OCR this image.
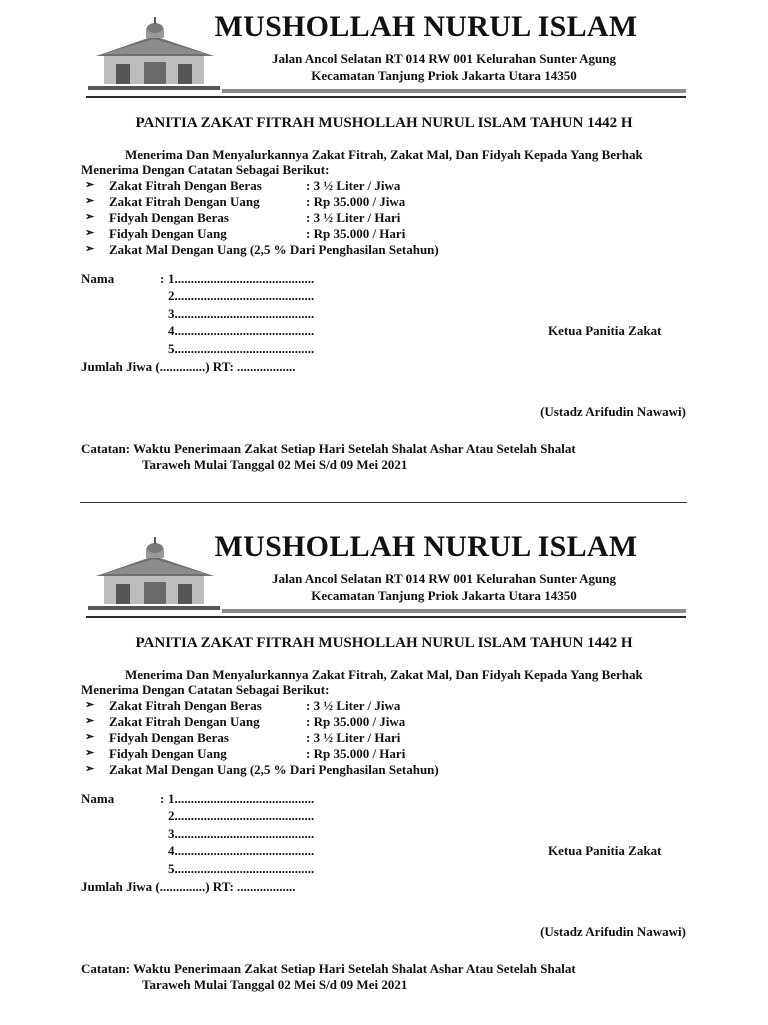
MUSHOLLAH NURUL ISLAM
Jalan Ancol Selatan RT 014 RW 001 Kelurahan Sunter Agung
Kecamatan Tanjung Priok Jakarta Utara 14350
PANITIA ZAKAT FITRAH MUSHOLLAH NURUL ISLAM TAHUN 1442 H
Menerima Dan Menyalurkannya Zakat Fitrah, Zakat Mal, Dan Fidyah Kepada Yang Berhak
Menerima Dengan Catatan Sebagai Berikut:
➢ Zakat Fitrah Dengan Beras	: 3 ½ Liter / Jiwa
➢ Zakat Fitrah Dengan Uang	: Rp 35.000 / Jiwa
➢ Fidyah Dengan Beras	: 3 ½ Liter / Hari
➢ Fidyah Dengan Uang	: Rp 35.000 / Hari
➢ Zakat Mal Dengan Uang (2,5 % Dari Penghasilan Setahun)
Nama	: 1...........................................
2...........................................
3...........................................
4...........................................
5...........................................
Jumlah Jiwa (..............) RT: ..................
Ketua Panitia Zakat
(Ustadz Arifudin Nawawi)
Catatan: Waktu Penerimaan Zakat Setiap Hari Setelah Shalat Ashar Atau Setelah Shalat
Taraweh Mulai Tanggal 02 Mei S/d 09 Mei 2021
MUSHOLLAH NURUL ISLAM
Jalan Ancol Selatan RT 014 RW 001 Kelurahan Sunter Agung
Kecamatan Tanjung Priok Jakarta Utara 14350
PANITIA ZAKAT FITRAH MUSHOLLAH NURUL ISLAM TAHUN 1442 H
Menerima Dan Menyalurkannya Zakat Fitrah, Zakat Mal, Dan Fidyah Kepada Yang Berhak
Menerima Dengan Catatan Sebagai Berikut:
➢ Zakat Fitrah Dengan Beras	: 3 ½ Liter / Jiwa
➢ Zakat Fitrah Dengan Uang	: Rp 35.000 / Jiwa
➢ Fidyah Dengan Beras	: 3 ½ Liter / Hari
➢ Fidyah Dengan Uang	: Rp 35.000 / Hari
➢ Zakat Mal Dengan Uang (2,5 % Dari Penghasilan Setahun)
Nama	: 1...........................................
2...........................................
3...........................................
4...........................................
5...........................................
Jumlah Jiwa (..............) RT: ..................
Ketua Panitia Zakat
(Ustadz Arifudin Nawawi)
Catatan: Waktu Penerimaan Zakat Setiap Hari Setelah Shalat Ashar Atau Setelah Shalat
Taraweh Mulai Tanggal 02 Mei S/d 09 Mei 2021
